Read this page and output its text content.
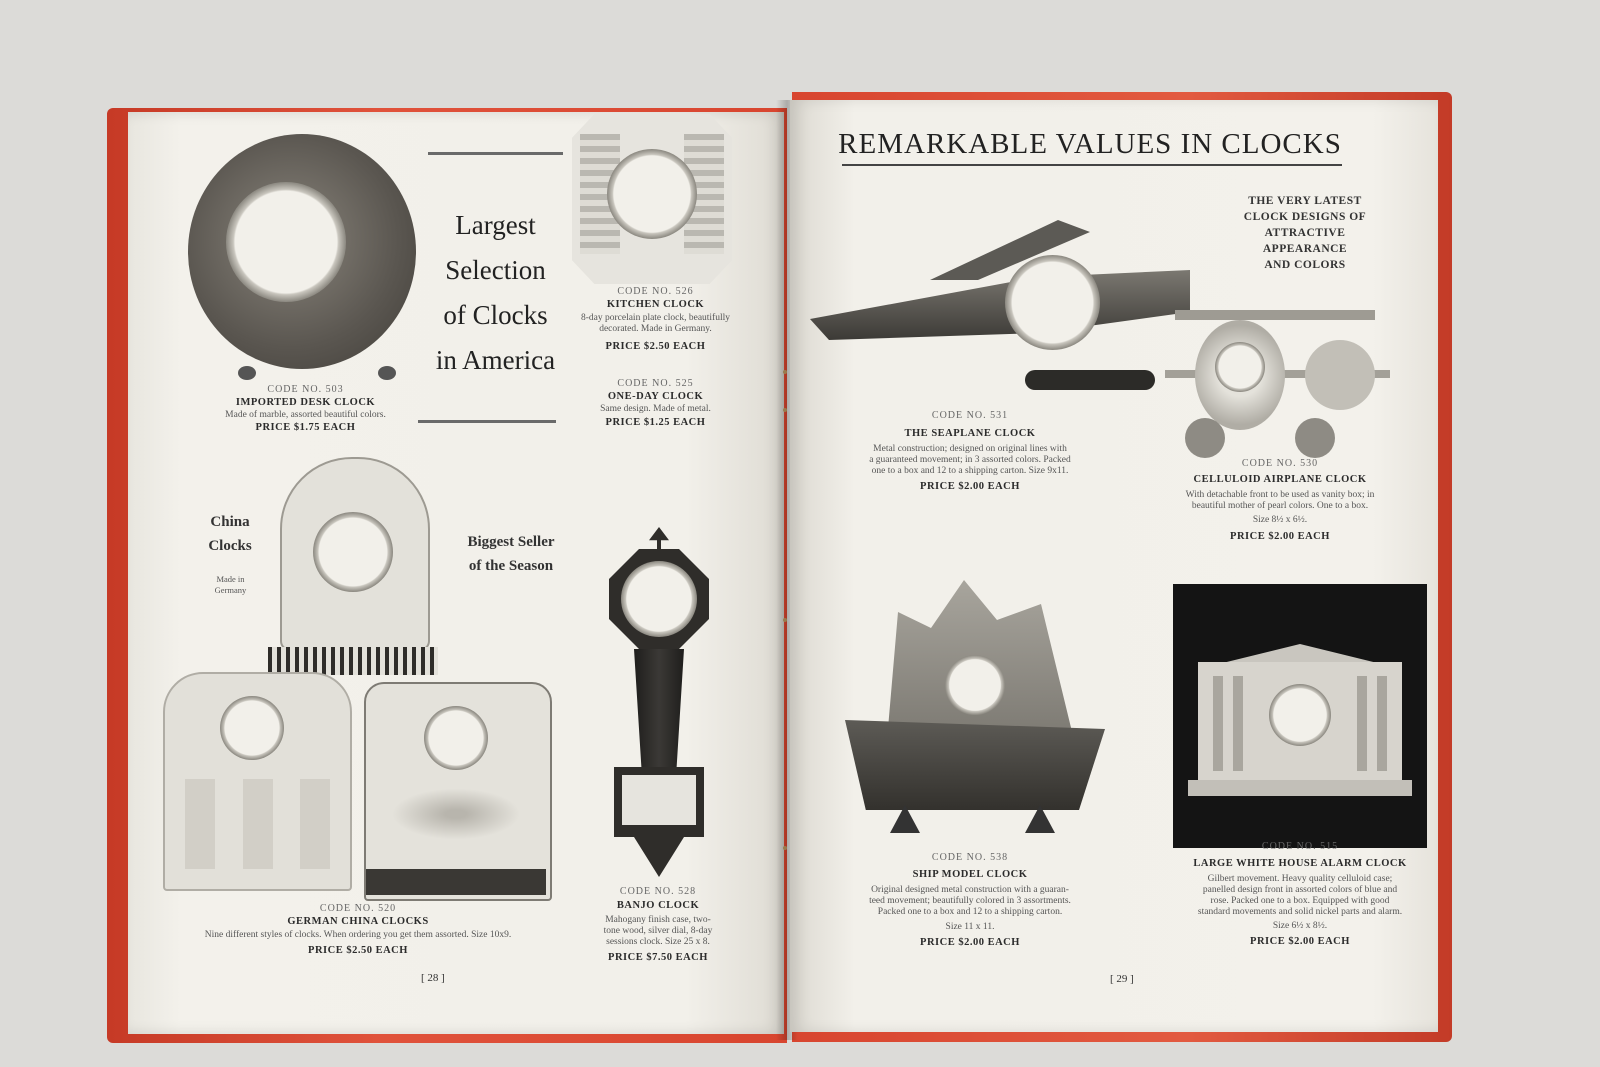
CODE NO. 503
IMPORTED DESK CLOCK
Made of marble, assorted beautiful colors.
PRICE $1.75 EACH
Largest
Selection
of Clocks
in America
CODE NO. 526
KITCHEN CLOCK
8-day porcelain plate clock, beautifully decorated. Made in Germany.
PRICE $2.50 EACH
CODE NO. 525
ONE-DAY CLOCK
Same design. Made of metal.
PRICE $1.25 EACH
China
Clocks
Made in
Germany
Biggest Seller
of the Season
CODE NO. 520
GERMAN CHINA CLOCKS
Nine different styles of clocks. When ordering you get them assorted. Size 10x9.
PRICE $2.50 EACH
CODE NO. 528
BANJO CLOCK
Mahogany finish case, two-
tone wood, silver dial, 8-day
sessions clock. Size 25 x 8.
PRICE $7.50 EACH
[ 28 ]
REMARKABLE VALUES IN CLOCKS
THE VERY LATEST
CLOCK DESIGNS OF
ATTRACTIVE
APPEARANCE
AND COLORS
CODE NO. 531
THE SEAPLANE CLOCK
Metal construction; designed on original lines with
a guaranteed movement; in 3 assorted colors. Packed
one to a box and 12 to a shipping carton. Size 9x11.
PRICE $2.00 EACH
CODE NO. 530
CELLULOID AIRPLANE CLOCK
With detachable front to be used as vanity box; in
beautiful mother of pearl colors. One to a box.
Size 8½ x 6½.
PRICE $2.00 EACH
CODE NO. 538
SHIP MODEL CLOCK
Original designed metal construction with a guaran-
teed movement; beautifully colored in 3 assortments.
Packed one to a box and 12 to a shipping carton.
Size 11 x 11.
PRICE $2.00 EACH
CODE NO. 515
LARGE WHITE HOUSE ALARM CLOCK
Gilbert movement. Heavy quality celluloid case;
panelled design front in assorted colors of blue and
rose. Packed one to a box. Equipped with good
standard movements and solid nickel parts and alarm.
Size 6½ x 8½.
PRICE $2.00 EACH
[ 29 ]
